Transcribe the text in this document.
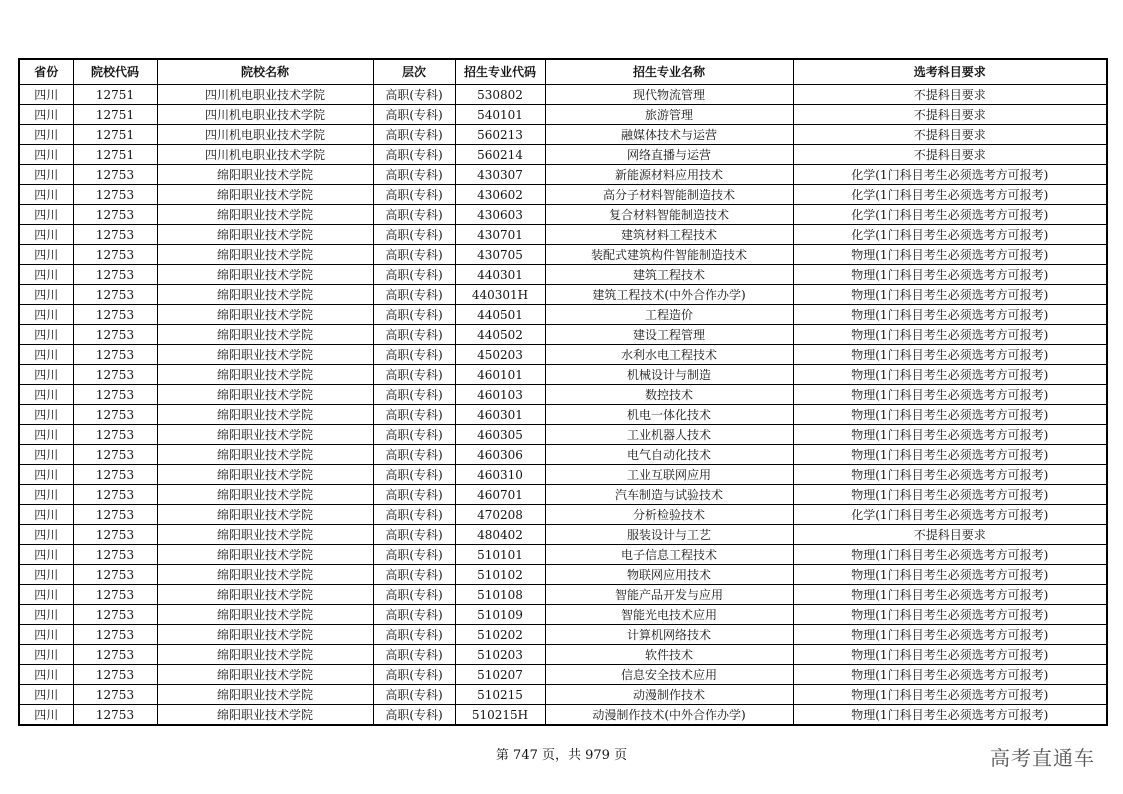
省份	院校代码	院校名称	层次	招生专业代码	招生专业名称	选考科目要求
四川	12751	四川机电职业技术学院	高职(专科)	530802	现代物流管理	不提科目要求
四川	12751	四川机电职业技术学院	高职(专科)	540101	旅游管理	不提科目要求
四川	12751	四川机电职业技术学院	高职(专科)	560213	融媒体技术与运营	不提科目要求
四川	12751	四川机电职业技术学院	高职(专科)	560214	网络直播与运营	不提科目要求
四川	12753	绵阳职业技术学院	高职(专科)	430307	新能源材料应用技术	化学(1门科目考生必须选考方可报考)
四川	12753	绵阳职业技术学院	高职(专科)	430602	高分子材料智能制造技术	化学(1门科目考生必须选考方可报考)
四川	12753	绵阳职业技术学院	高职(专科)	430603	复合材料智能制造技术	化学(1门科目考生必须选考方可报考)
四川	12753	绵阳职业技术学院	高职(专科)	430701	建筑材料工程技术	化学(1门科目考生必须选考方可报考)
四川	12753	绵阳职业技术学院	高职(专科)	430705	装配式建筑构件智能制造技术	物理(1门科目考生必须选考方可报考)
四川	12753	绵阳职业技术学院	高职(专科)	440301	建筑工程技术	物理(1门科目考生必须选考方可报考)
四川	12753	绵阳职业技术学院	高职(专科)	440301H	建筑工程技术(中外合作办学)	物理(1门科目考生必须选考方可报考)
四川	12753	绵阳职业技术学院	高职(专科)	440501	工程造价	物理(1门科目考生必须选考方可报考)
四川	12753	绵阳职业技术学院	高职(专科)	440502	建设工程管理	物理(1门科目考生必须选考方可报考)
四川	12753	绵阳职业技术学院	高职(专科)	450203	水利水电工程技术	物理(1门科目考生必须选考方可报考)
四川	12753	绵阳职业技术学院	高职(专科)	460101	机械设计与制造	物理(1门科目考生必须选考方可报考)
四川	12753	绵阳职业技术学院	高职(专科)	460103	数控技术	物理(1门科目考生必须选考方可报考)
四川	12753	绵阳职业技术学院	高职(专科)	460301	机电一体化技术	物理(1门科目考生必须选考方可报考)
四川	12753	绵阳职业技术学院	高职(专科)	460305	工业机器人技术	物理(1门科目考生必须选考方可报考)
四川	12753	绵阳职业技术学院	高职(专科)	460306	电气自动化技术	物理(1门科目考生必须选考方可报考)
四川	12753	绵阳职业技术学院	高职(专科)	460310	工业互联网应用	物理(1门科目考生必须选考方可报考)
四川	12753	绵阳职业技术学院	高职(专科)	460701	汽车制造与试验技术	物理(1门科目考生必须选考方可报考)
四川	12753	绵阳职业技术学院	高职(专科)	470208	分析检验技术	化学(1门科目考生必须选考方可报考)
四川	12753	绵阳职业技术学院	高职(专科)	480402	服装设计与工艺	不提科目要求
四川	12753	绵阳职业技术学院	高职(专科)	510101	电子信息工程技术	物理(1门科目考生必须选考方可报考)
四川	12753	绵阳职业技术学院	高职(专科)	510102	物联网应用技术	物理(1门科目考生必须选考方可报考)
四川	12753	绵阳职业技术学院	高职(专科)	510108	智能产品开发与应用	物理(1门科目考生必须选考方可报考)
四川	12753	绵阳职业技术学院	高职(专科)	510109	智能光电技术应用	物理(1门科目考生必须选考方可报考)
四川	12753	绵阳职业技术学院	高职(专科)	510202	计算机网络技术	物理(1门科目考生必须选考方可报考)
四川	12753	绵阳职业技术学院	高职(专科)	510203	软件技术	物理(1门科目考生必须选考方可报考)
四川	12753	绵阳职业技术学院	高职(专科)	510207	信息安全技术应用	物理(1门科目考生必须选考方可报考)
四川	12753	绵阳职业技术学院	高职(专科)	510215	动漫制作技术	物理(1门科目考生必须选考方可报考)
四川	12753	绵阳职业技术学院	高职(专科)	510215H	动漫制作技术(中外合作办学)	物理(1门科目考生必须选考方可报考)
第 747 页，共 979 页	高考直通车
